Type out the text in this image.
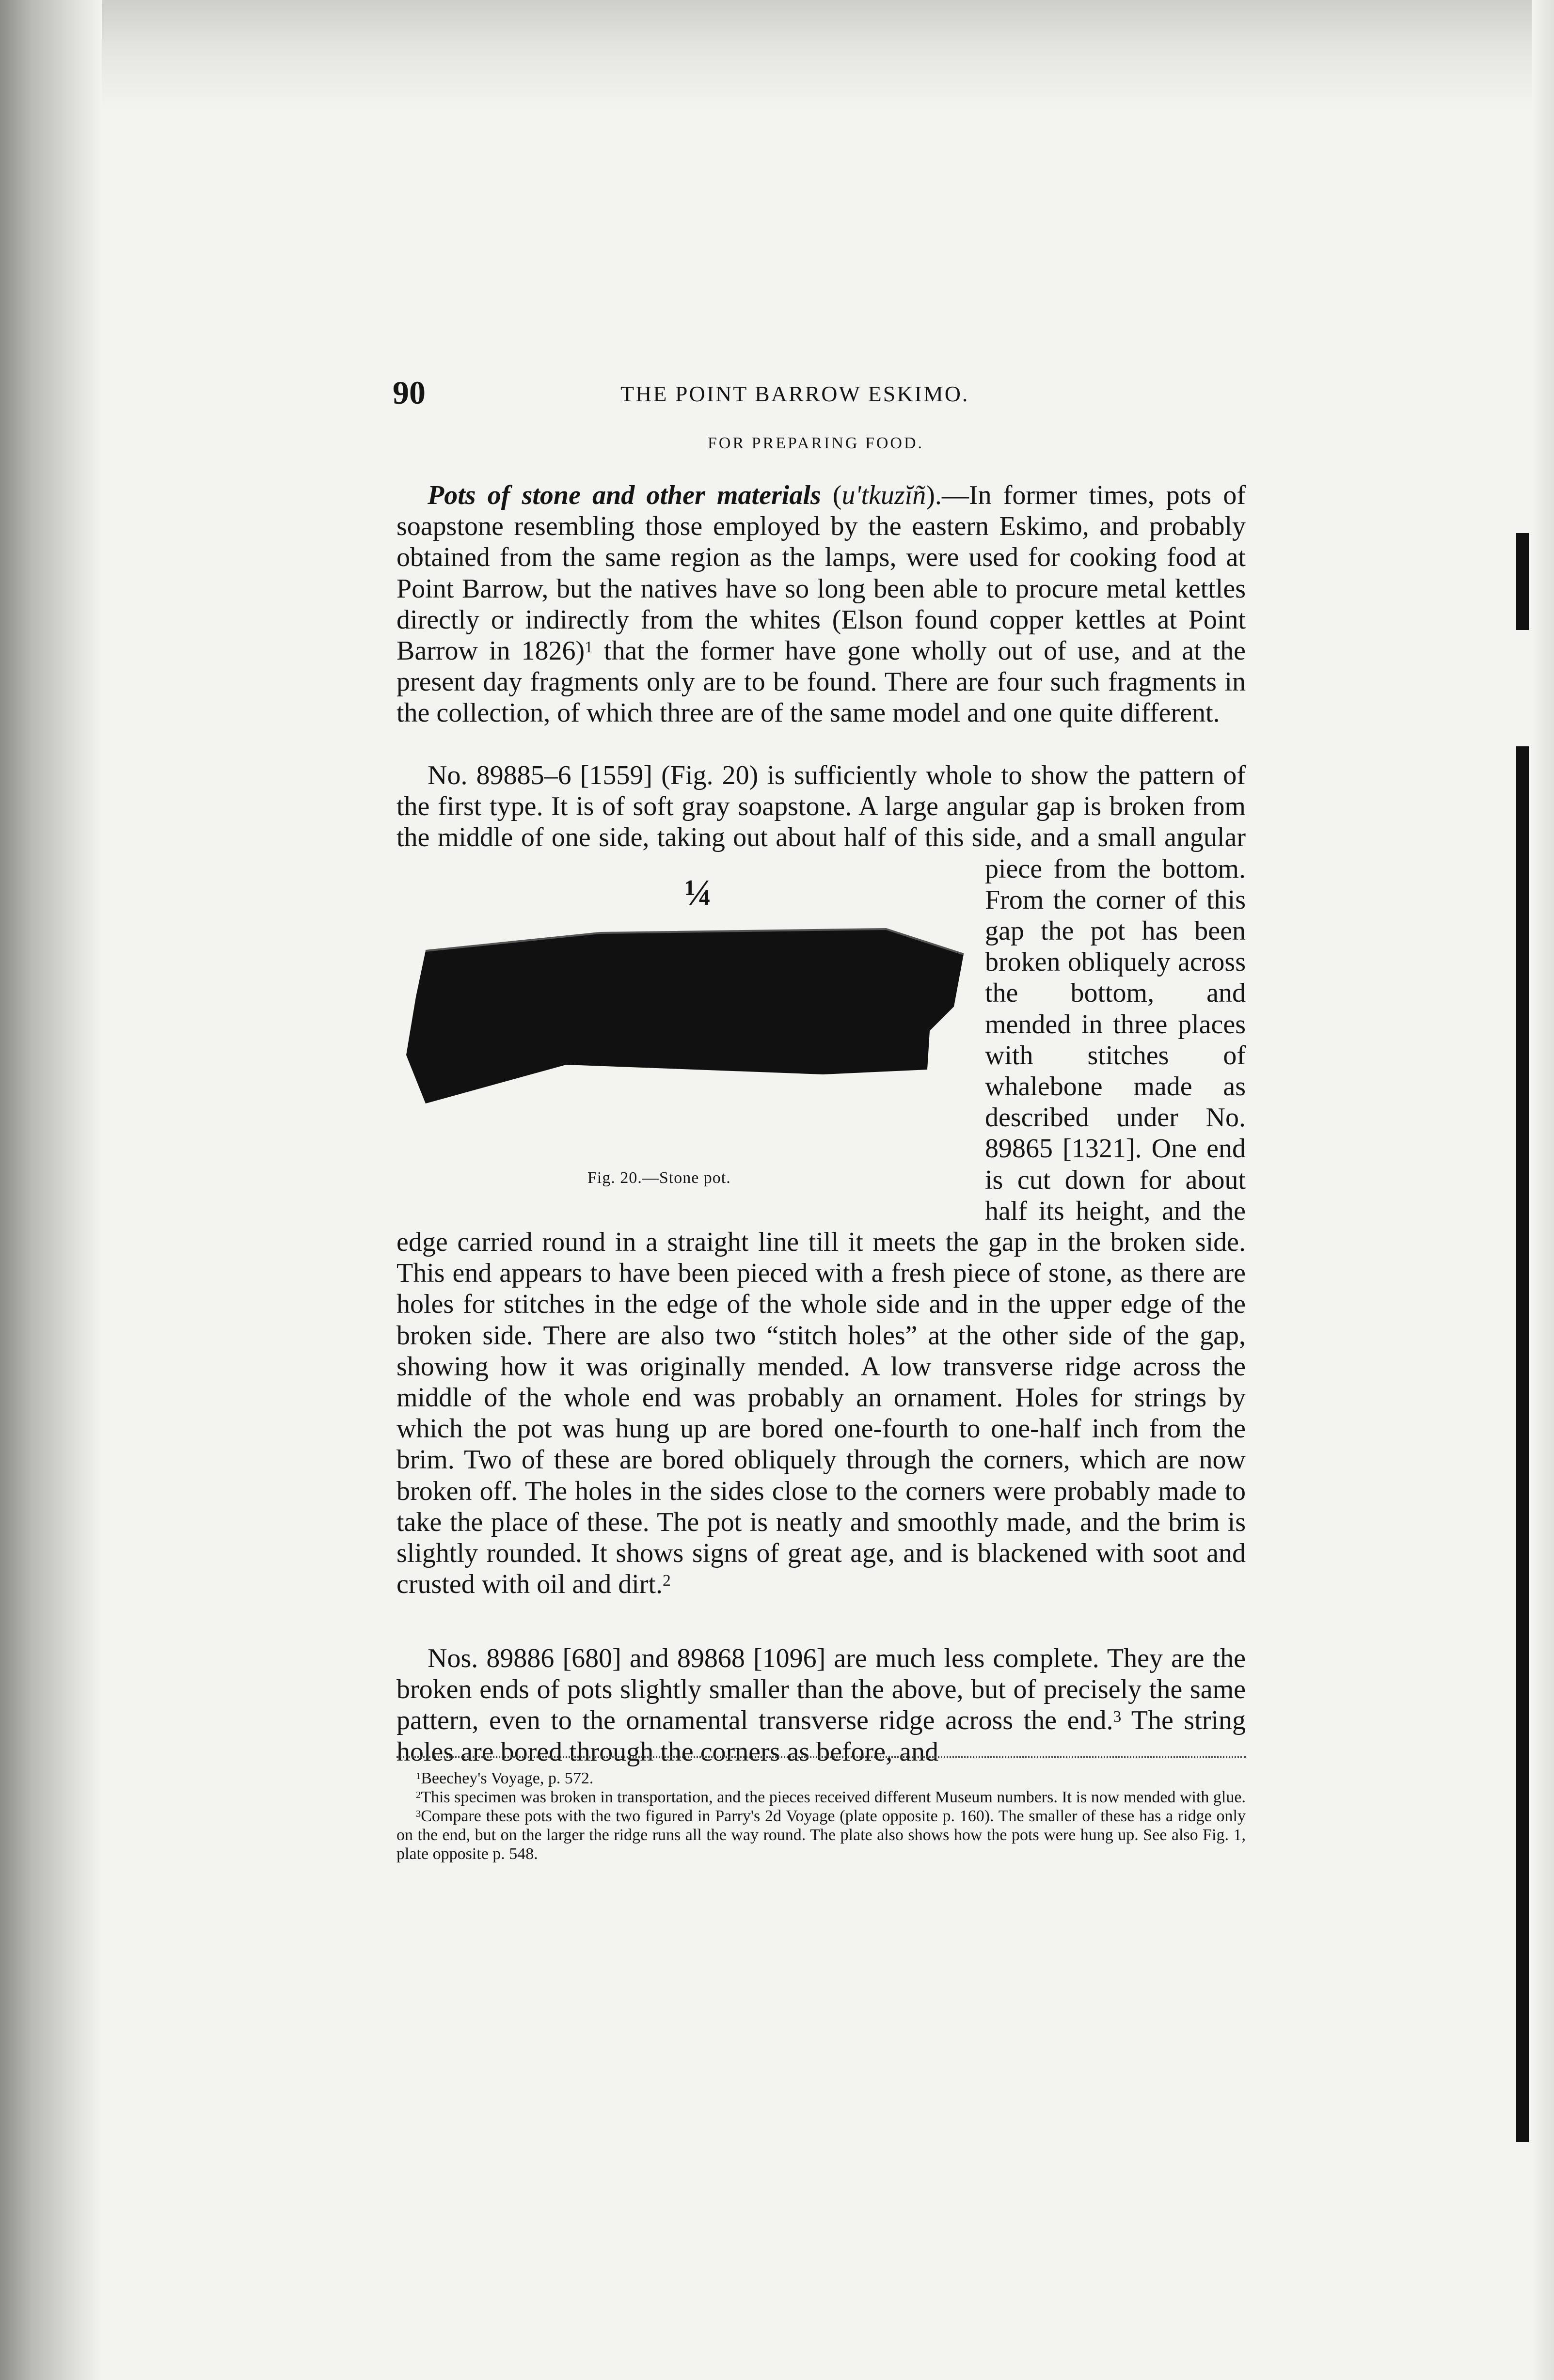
90	THE POINT BARROW ESKIMO.
FOR PREPARING FOOD.

Pots of stone and other materials (u'tkuzĭñ).—In former times, pots of soapstone resembling those employed by the eastern Eskimo, and probably obtained from the same region as the lamps, were used for cooking food at Point Barrow, but the natives have so long been able to procure metal kettles directly or indirectly from the whites (Elson found copper kettles at Point Barrow in 1826)$^1$ that the former have gone wholly out of use, and at the present day fragments only are to be found. There are four such fragments in the collection, of which three are of the same model and one quite different.

No. 89885–6 [1559] (Fig. 20) is sufficiently whole to show the pattern of the first type. It is of soft gray soapstone. A large angular gap is broken from the middle of one side, taking out about half of this side,
¼
Fig. 20.—Stone pot.
and a small angular piece from the bottom. From the corner of this gap the pot has been broken obliquely across the bottom, and mended in three places with stitches of whalebone made as described under No. 89865 [1321]. One end is cut down for about half its height, and the edge carried round in a straight line till it meets the gap in the broken side. This end appears to have been pieced with a fresh piece of stone, as there are holes for stitches in the edge of the whole side and in the upper edge of the broken side. There are also two “stitch holes” at the other side of the gap, showing how it was originally mended. A low transverse ridge across the middle of the whole end was probably an ornament. Holes for strings by which the pot was hung up are bored one-fourth to one-half inch from the brim. Two of these are bored obliquely through the corners, which are now broken off. The holes in the sides close to the corners were probably made to take the place of these. The pot is neatly and smoothly made, and the brim is slightly rounded. It shows signs of great age, and is blackened with soot and crusted with oil and dirt.$^2$

Nos. 89886 [680] and 89868 [1096] are much less complete. They are the broken ends of pots slightly smaller than the above, but of precisely the same pattern, even to the ornamental transverse ridge across the end.$^3$ The string holes are bored through the corners as before, and

$^1$Beechey's Voyage, p. 572.

$^2$This specimen was broken in transportation, and the pieces received different Museum numbers. It is now mended with glue.

$^3$Compare these pots with the two figured in Parry's 2d Voyage (plate opposite p. 160). The smaller of these has a ridge only on the end, but on the larger the ridge runs all the way round. The plate also shows how the pots were hung up. See also Fig. 1, plate opposite p. 548.
